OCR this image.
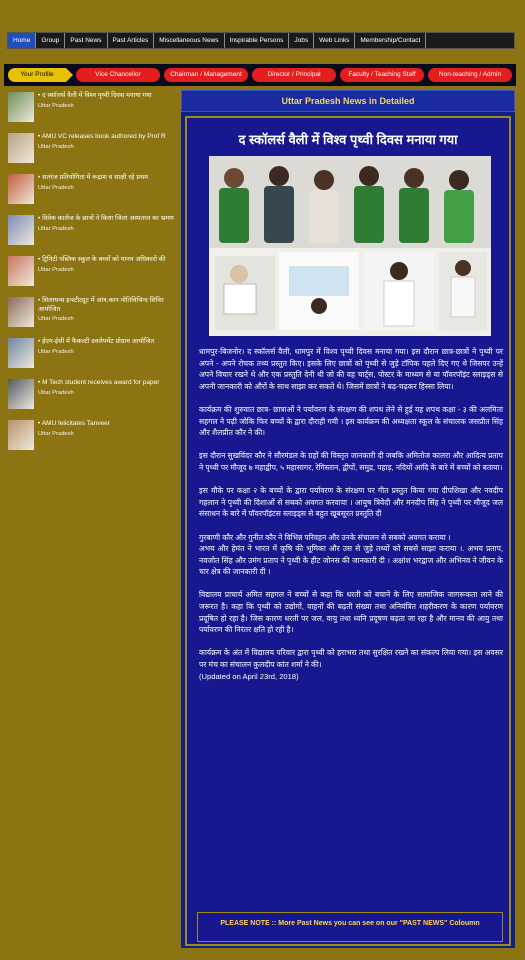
Home	Group	Past News	Past Articles	Miscellaneous News	Inspirable Persons	Jobs	Web Links	Membership/Contact
Your Profile	Vice Chancellor	Chairman / Management	Director / Principal	Faculty / Teaching Staff	Non-teaching / Admin
• द स्कॉलर्स वैली में विश्व पृथ्वी दिवस मनाया गया
Uttar Pradesh
• AMU VC releases book authored by Prof R
Uttar Pradesh
• शतरंज प्रतियोगिता में रूद्राश व साक्षी रहे प्रथम
Uttar Pradesh
• विवेक कालेज के छात्रों ने किया जिला अस्पताल का भ्रमण
Uttar Pradesh
• ट्रिनिटी पब्लिक स्कूल के बच्चों को मानव अधिकारों की
Uttar Pradesh
• सिलायन्स इन्स्टीट्यूट में आंत्र,कान नोतिविचिन्द शिविर आयोजित
Uttar Pradesh
• ईएम-ईसी में फैकल्टी डवलेपमेंट प्रोग्राम आयोजित
Uttar Pradesh
• M Tech student receives award for paper
Uttar Pradesh
• AMU felicitates Tanveer
Uttar Pradesh
Uttar Pradesh News in Detailed
द स्कॉलर्स वैली में विश्व पृथ्वी दिवस मनाया गया

धामपुर-बिजनोर। द स्कॉलर्स वैली, धामपुर में विश्व पृथ्वी दिवस मनाया गया। इस दौरान छात्र-छात्रों ने पृथ्वी पर अपने - अपने रोचक तथ्य प्रस्तुत किए। इसके लिए छात्रों को पृथ्वी से जुड़े टॉपिक पहले दिए गए थे जिसपर उन्हें अपने विचार रखने थे और एक प्रस्तुति देनी थी जो की वह चार्ट्स, पोस्टर के माध्यम से या पॉवरपॉइंट स्लाइड्स से अपनी जानकारी को औरों के साथ साझा कर सकते थे। जिसमें छात्रों ने बढ़-चढ़कर हिस्सा लिया।

कार्यक्रम की शुरुवात छात्र- छात्राओं ने पर्यावरण के संरक्षण की शपथ लेने से हुई यह शपथ कक्षा - ३ की अलमिता सहगल ने पढ़ी जोकि फिर बच्चों के द्वारा दौराही गयी । इस कार्यक्रम की अध्यक्षता स्कूल के संचालक जसप्रीत सिंह और शैलप्रीत कौर ने की।

इस दौरान सुखविंदर कौर ने सौरमंडल के ग्रहों की विस्तृत जानकारी दी जबकि अमितोज कालरा और आदित्य प्रताप ने पृथ्वी पर मौजूद ७ महाद्वीप, ५ महासागर, रेगिस्तान, द्वीपों, समुद्र, पहाड़, नदियों आदि के बारे में बच्चों को बताया।

इस मौके पर कक्षा २ के बच्चों के द्वारा पर्यावरण के संरक्षण पर गीत प्रस्तुत किया गया दीपशिखा और नवदीप गहलान ने पृथ्वी की दिशाओं से सबको अवगत करवाया । आयुष त्रिवेदी और मनदीप सिंह ने पृथ्वी पर मौजूद जल संसाधन के बारे में पॉवरपॉइंटस स्लाइड्स से बहुत खूबसूरत प्रस्तुति दी

गुरबाणी कौर और गुनीत कौर ने विभिन्न परिवहन और उनके संचालन से सबको अवगत कराया ।

अभय और हेमंत ने भारत में कृषि की भूमिका और उस से जुड़े तथ्यों को सबसे साझा कराया ।. अभय प्रताप, नवजोत सिंह और उमंग प्रताप ने पृथ्वी के हीट जोनस की जानकारी दी । अक्षांश भरद्वाज और अभिनव ने जीवन के चार क्षेत्र की जानकारी दी ।

विद्यालय प्राचार्य अमित सहगल ने बच्चों से कहा कि धरती को बचाने के लिए सामाजिक जागरूकता लाने की जरूरत है। कहा कि पृथ्वी को उद्योगों, वाहनों की बढ़ती संख्या तथा अनियंत्रित शहरीकरण के कारण पर्यावरण प्रदूषित हो रहा है। जिस कारण धरती पर जल, वायु तथा ध्वनि प्रदूषण बढ़ता जा रहा है और मानव की आयु तथा पर्यावरण की निरंतर क्षति हो रही है।

कार्यक्रम के अंत में विद्यालय परिवार द्वारा पृथ्वी को हराभरा तथा सुरक्षित रखने का संकल्प लिया गया। इस अवसर पर मंच का संचालन कुलदीप कांत शर्मा ने की।

(Updated on April 23rd, 2018)

PLEASE NOTE :: More Past News you can see on our "PAST NEWS" Coloumn
